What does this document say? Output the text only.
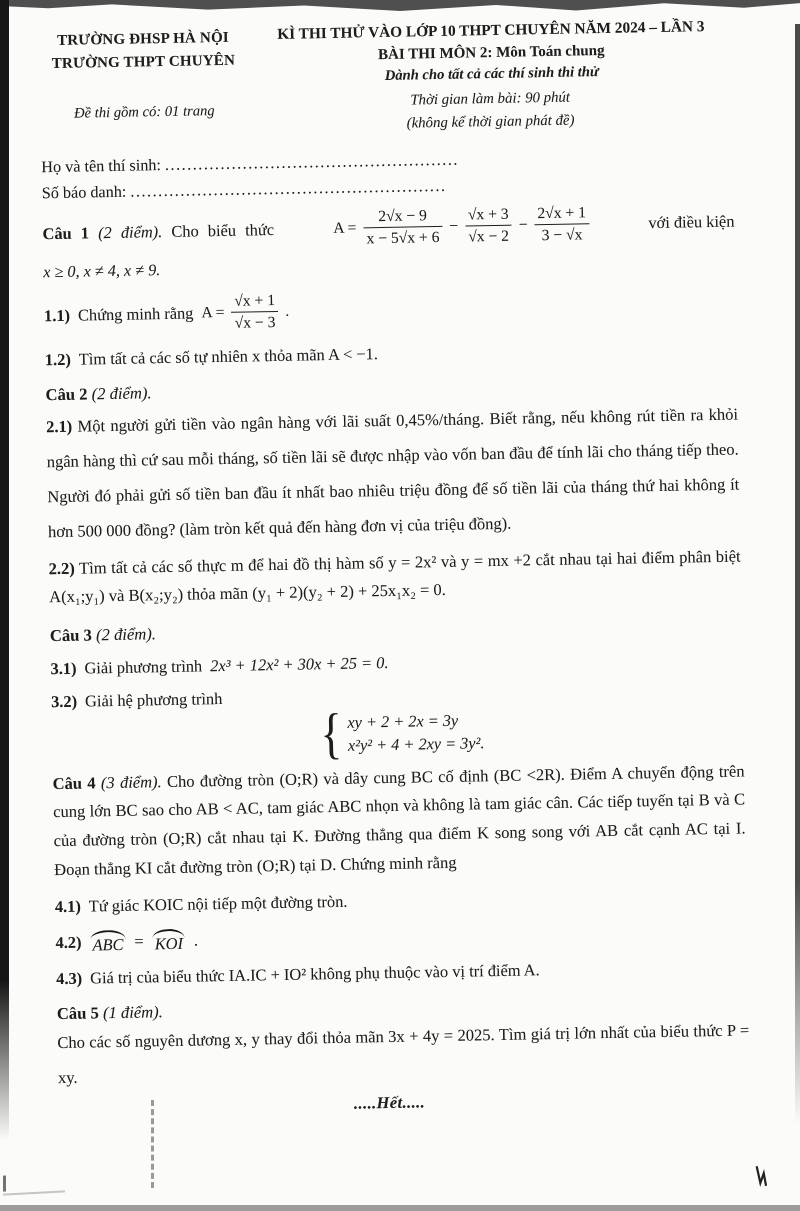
TRƯỜNG ĐHSP HÀ NỘI
TRƯỜNG THPT CHUYÊN
KÌ THI THỬ VÀO LỚP 10 THPT CHUYÊN NĂM 2024 – LẦN 3
BÀI THI MÔN 2: Môn Toán chung
Dành cho tất cả các thí sinh thi thử
Đề thi gồm có: 01 trang
Thời gian làm bài: 90 phút
(không kể thời gian phát đề)
Họ và tên thí sinh: .....................................................
Số báo danh: .........................................................
Câu 1 (2 điểm). Cho biểu thức	$A = \frac{2√x - 9}{x - 5√x + 6} - \frac{√x + 3}{√x - 2} - \frac{2√x + 1}{3 - √x}$	với điều kiện
x ≥ 0, x ≠ 4, x ≠ 9.
1.1) Chứng minh rằng $A = \frac{√x + 1}{√x - 3}$ .
1.2) Tìm tất cả các số tự nhiên x thỏa mãn A < −1.
Câu 2 (2 điểm).

2.1) Một người gửi tiền vào ngân hàng với lãi suất 0,45%/tháng. Biết rằng, nếu không rút tiền ra khỏi ngân hàng thì cứ sau mỗi tháng, số tiền lãi sẽ được nhập vào vốn ban đầu để tính lãi cho tháng tiếp theo. Người đó phải gửi số tiền ban đầu ít nhất bao nhiêu triệu đồng để số tiền lãi của tháng thứ hai không ít hơn 500 000 đồng? (làm tròn kết quả đến hàng đơn vị của triệu đồng).

2.2) Tìm tất cả các số thực m để hai đồ thị hàm số y = 2x² và y = mx +2 cắt nhau tại hai điểm phân biệt A(x₁;y₁) và B(x₂;y₂) thỏa mãn (y₁ + 2)(y₂ + 2) + 25x₁x₂ = 0.

Câu 3 (2 điểm).
3.1) Giải phương trình 2x³ + 12x² + 30x + 25 = 0.
3.2) Giải hệ phương trình
{ xy + 2 + 2x = 3y
x²y² + 4 + 2xy = 3y².

Câu 4 (3 điểm). Cho đường tròn (O;R) và dây cung BC cố định (BC <2R). Điểm A chuyển động trên cung lớn BC sao cho AB < AC, tam giác ABC nhọn và không là tam giác cân. Các tiếp tuyến tại B và C của đường tròn (O;R) cắt nhau tại K. Đường thẳng qua điểm K song song với AB cắt cạnh AC tại I. Đoạn thẳng KI cắt đường tròn (O;R) tại D. Chứng minh rằng

4.1) Tứ giác KOIC nội tiếp một đường tròn.
4.2) ABC = KOI .
4.3) Giá trị của biểu thức IA.IC + IO² không phụ thuộc vào vị trí điểm A.
Câu 5 (1 điểm).

Cho các số nguyên dương x, y thay đổi thỏa mãn 3x + 4y = 2025. Tìm giá trị lớn nhất của biểu thức P = xy.

.....Hết.....
